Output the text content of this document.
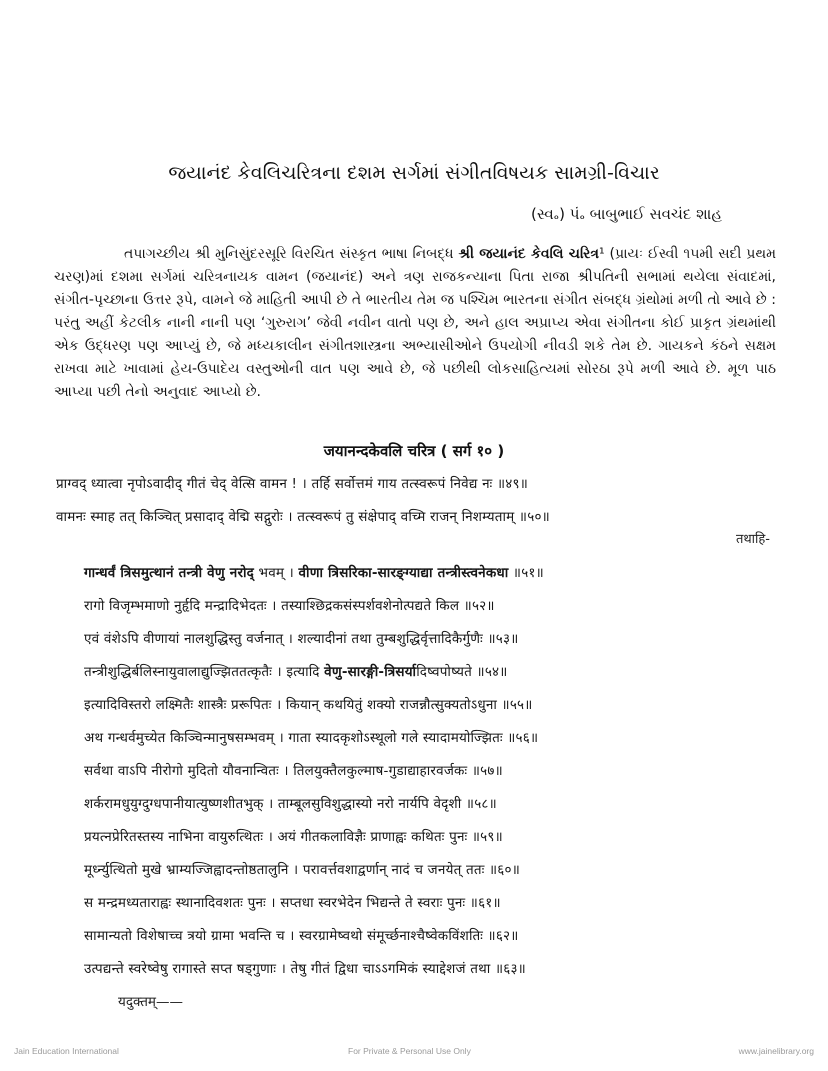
જયાનંદ કેવલિચરિત્રના દશમ સર્ગમાં સંગીતવિષયક સામગ્રી-વિચાર
(સ્વ૰) પં૰ બાબુભાઈ સવચંદ શાહ
તપાગચ્છીય શ્રી મુનિસુંદરસૂરિ વિરચિત સંસ્કૃત ભાષા નિબદ્ધ શ્રી જયાનંદ કેવલિ ચરિત્ર¹ (પ્રાયઃ ઈસ્વી ૧૫મી સદી પ્રથમ ચરણ)માં દશમા સર્ગમાં ચરિત્રનાયક વામન (જયાનંદ) અને ત્રણ રાજકન્યાના પિતા રાજા શ્રીપતિની સભામાં થયેલા સંવાદમાં, સંગીત-પૃચ્છાના ઉત્તર રૂપે, વામને જે માહિતી આપી છે તે ભારતીય તેમ જ પશ્ચિમ ભારતના સંગીત સંબદ્ધ ગ્રંથોમાં મળી તો આવે છે : પરંતુ અહીં કેટલીક નાની નાની પણ ‘ગુરુરાગ’ જેવી નવીન વાતો પણ છે, અને હાલ અપ્રાપ્ય એવા સંગીતના કોઈ પ્રાકૃત ગ્રંથમાંથી એક ઉદ્ધરણ પણ આપ્યું છે, જે મધ્યકાલીન સંગીતશાસ્ત્રના અભ્યાસીઓને ઉપયોગી નીવડી શકે તેમ છે. ગાયકને કંઠને સક્ષમ રાખવા માટે ખાવામાં હેય-ઉપાદેય વસ્તુઓની વાત પણ આવે છે, જે પછીથી લોકસાહિત્યમાં સોરઠા રૂપે મળી આવે છે. મૂળ પાઠ આપ્યા પછી તેનો અનુવાદ આપ્યો છે.
जयानन्दकेवलि चरित्र ( सर्ग १० )
प्राग्वद् ध्यात्वा नृपोऽवादीद् गीतं चेद् वेत्सि वामन ! । तर्हि सर्वोत्तमं गाय तत्स्वरूपं निवेद्य नः ॥४९॥
वामनः स्माह तत् किञ्चित् प्रसादाद् वेद्मि सद्गुरोः । तत्स्वरूपं तु संक्षेपाद् वच्मि राजन् निशम्यताम् ॥५०॥
तथाहि-
गान्धर्वं त्रिसमुत्थानं तन्त्री वेणु नरोद् भवम् । वीणा त्रिसरिका-सारङ्ग्याद्या तन्त्रीस्त्वनेकधा ॥५१॥
रागो विजृम्भमाणो नुर्हृदि मन्द्रादिभेदतः । तस्याश्छिद्रकसंस्पर्शवशेनोत्पद्यते किल ॥५२॥
एवं वंशेऽपि वीणायां नालशुद्धिस्तु वर्जनात् । शल्यादीनां तथा तुम्बशुद्धिर्वृत्तादिकैर्गुणैः ॥५३॥
तन्त्रीशुद्धिर्बलिस्नायुवालाद्युज्झिततत्कृतैः । इत्यादि वेणु-सारङ्गी-त्रिसर्यादिष्वपोष्यते ॥५४॥
इत्यादिविस्तरो लक्ष्मितैः शास्त्रैः प्ररूपितः । कियान् कथयितुं शक्यो राजन्नौत्सुक्यतोऽधुना ॥५५॥
अथ गन्धर्वमुच्येत किञ्चिन्मानुषसम्भवम् । गाता स्यादकृशोऽस्थूलो गले स्यादामयोज्झितः ॥५६॥
सर्वथा वाऽपि नीरोगो मुदितो यौवनान्वितः । तिलयुक्तैलकुल्माष-गुडाद्याहारवर्जकः ॥५७॥
शर्करामधुयुग्दुग्धपानीयात्युष्णशीतभुक् । ताम्बूलसुविशुद्धास्यो नरो नार्यपि वेदृशी ॥५८॥
प्रयत्नप्रेरितस्तस्य नाभिना वायुरुत्थितः । अयं गीतकलाविज्ञैः प्राणाह्वः कथितः पुनः ॥५९॥
मूर्ध्न्युत्थितो मुखे भ्राम्यज्जिह्वादन्तोष्ठतालुनि । परावर्त्तवशाद्वर्णान् नादं च जनयेत् ततः ॥६०॥
स मन्द्रमध्यताराह्वः स्थानादिवशतः पुनः । सप्तधा स्वरभेदेन भिद्यन्ते ते स्वराः पुनः ॥६१॥
सामान्यतो विशेषाच्च त्रयो ग्रामा भवन्ति च । स्वरग्रामेष्वथो संमूर्च्छनाश्चैष्वेकविंशतिः ॥६२॥
उत्पद्यन्ते स्वरेष्वेषु रागास्ते सप्त षड्गुणाः । तेषु गीतं द्विधा चाऽऽगमिकं स्याद्देशजं तथा ॥६३॥
यदुक्तम्——
Jain Education International	For Private & Personal Use Only	www.jainelibrary.org
